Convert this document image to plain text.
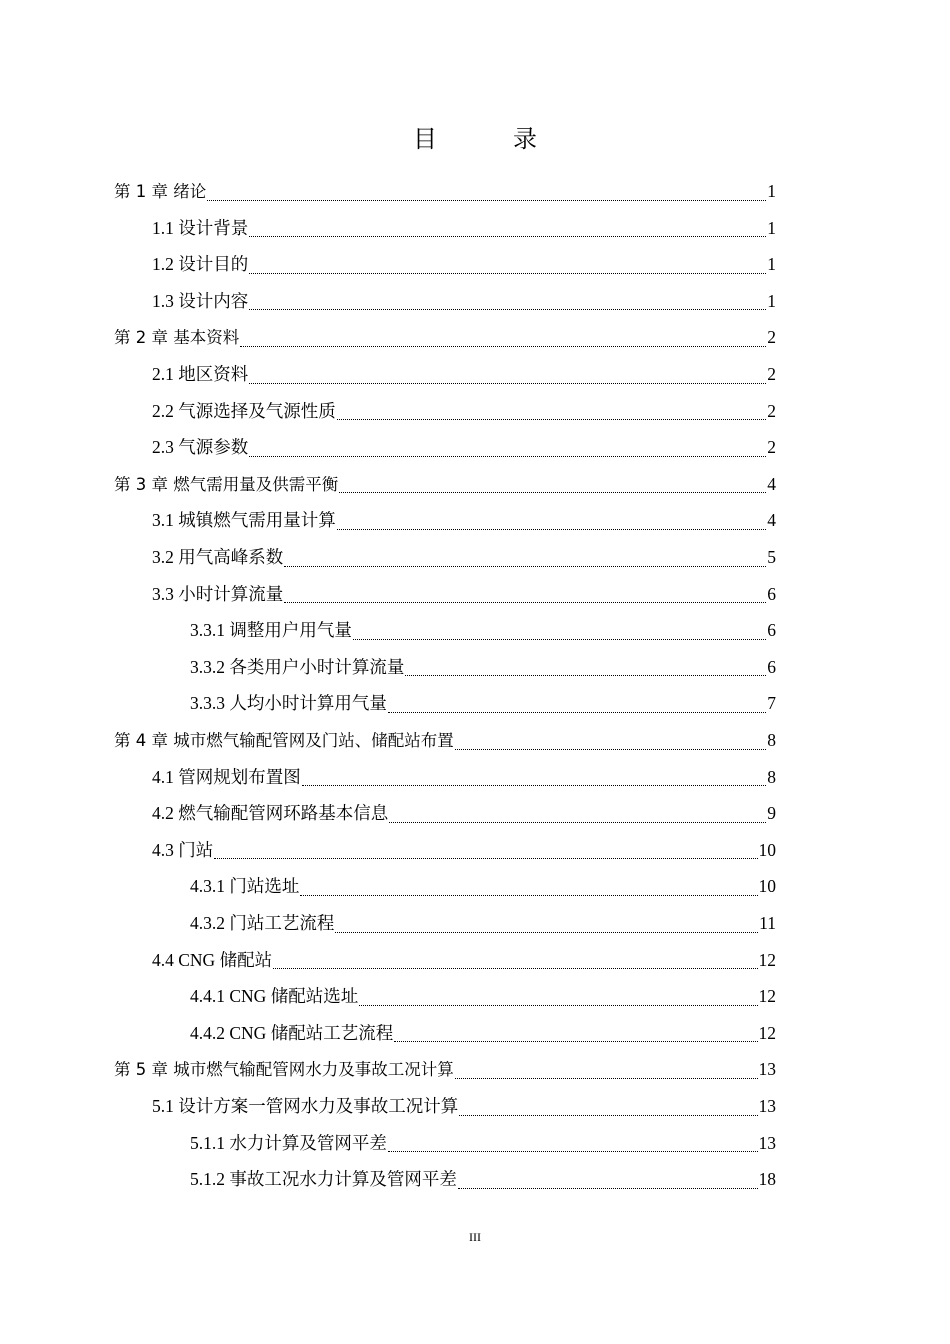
目　录
第 1 章 绪论	1
1.1 设计背景	1
1.2 设计目的	1
1.3 设计内容	1
第 2 章 基本资料	2
2.1 地区资料	2
2.2 气源选择及气源性质	2
2.3 气源参数	2
第 3 章 燃气需用量及供需平衡	4
3.1 城镇燃气需用量计算	4
3.2 用气高峰系数	5
3.3 小时计算流量	6
3.3.1 调整用户用气量	6
3.3.2 各类用户小时计算流量	6
3.3.3 人均小时计算用气量	7
第 4 章 城市燃气输配管网及门站、储配站布置	8
4.1 管网规划布置图	8
4.2 燃气输配管网环路基本信息	9
4.3 门站	10
4.3.1 门站选址	10
4.3.2 门站工艺流程	11
4.4 CNG 储配站	12
4.4.1 CNG 储配站选址	12
4.4.2 CNG 储配站工艺流程	12
第 5 章 城市燃气输配管网水力及事故工况计算	13
5.1 设计方案一管网水力及事故工况计算	13
5.1.1 水力计算及管网平差	13
5.1.2 事故工况水力计算及管网平差	18
III
